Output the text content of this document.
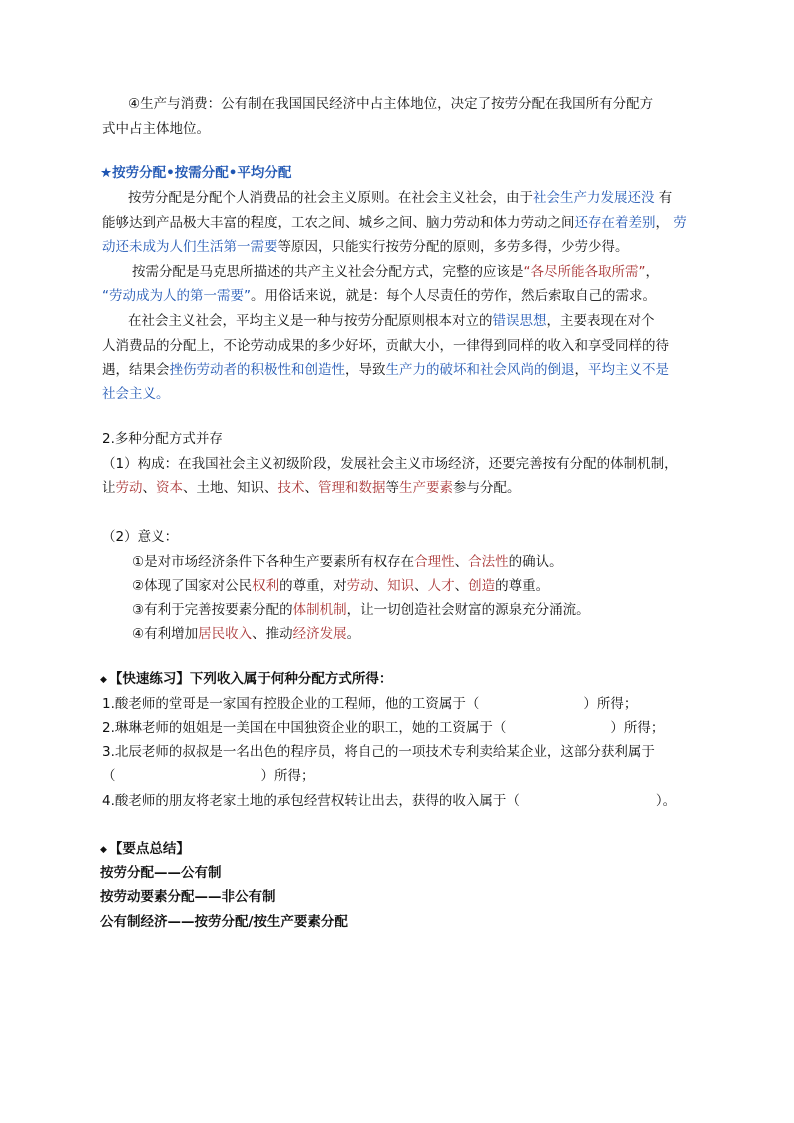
④生产与消费：公有制在我国国民经济中占主体地位，决定了按劳分配在我国所有分配方
式中占主体地位。
★按劳分配•按需分配•平均分配
按劳分配是分配个人消费品的社会主义原则。在社会主义社会，由于社会生产力发展还没 有
能够达到产品极大丰富的程度，工农之间、城乡之间、脑力劳动和体力劳动之间还存在着差别， 劳
动还未成为人们生活第一需要等原因，只能实行按劳分配的原则，多劳多得，少劳少得。
按需分配是马克思所描述的共产主义社会分配方式，完整的应该是“各尽所能各取所需”，
“劳动成为人的第一需要”。用俗话来说，就是：每个人尽责任的劳作，然后索取自己的需求。
在社会主义社会，平均主义是一种与按劳分配原则根本对立的错误思想，主要表现在对个
人消费品的分配上，不论劳动成果的多少好坏，贡献大小，一律得到同样的收入和享受同样的待
遇，结果会挫伤劳动者的积极性和创造性，导致生产力的破坏和社会风尚的倒退，平均主义不是
社会主义。
2.多种分配方式并存
（1）构成：在我国社会主义初级阶段，发展社会主义市场经济，还要完善按有分配的体制机制，
让劳动、资本、土地、知识、技术、管理和数据等生产要素参与分配。
（2）意义：
①是对市场经济条件下各种生产要素所有权存在合理性、合法性的确认。
②体现了国家对公民权利的尊重，对劳动、知识、人才、创造的尊重。
③有利于完善按要素分配的体制机制，让一切创造社会财富的源泉充分涌流。
④有利增加居民收入、推动经济发展。
◆ 【快速练习】下列收入属于何种分配方式所得：
1.酸老师的堂哥是一家国有控股企业的工程师，他的工资属于（	）所得；
2.琳琳老师的姐姐是一美国在中国独资企业的职工，她的工资属于（	）所得；
3.北辰老师的叔叔是一名出色的程序员，将自己的一项技术专利卖给某企业，这部分获利属于
（	）所得；
4.酸老师的朋友将老家土地的承包经营权转让出去，获得的收入属于（	）。
◆ 【要点总结】
按劳分配——公有制
按劳动要素分配——非公有制
公有制经济——按劳分配/按生产要素分配
